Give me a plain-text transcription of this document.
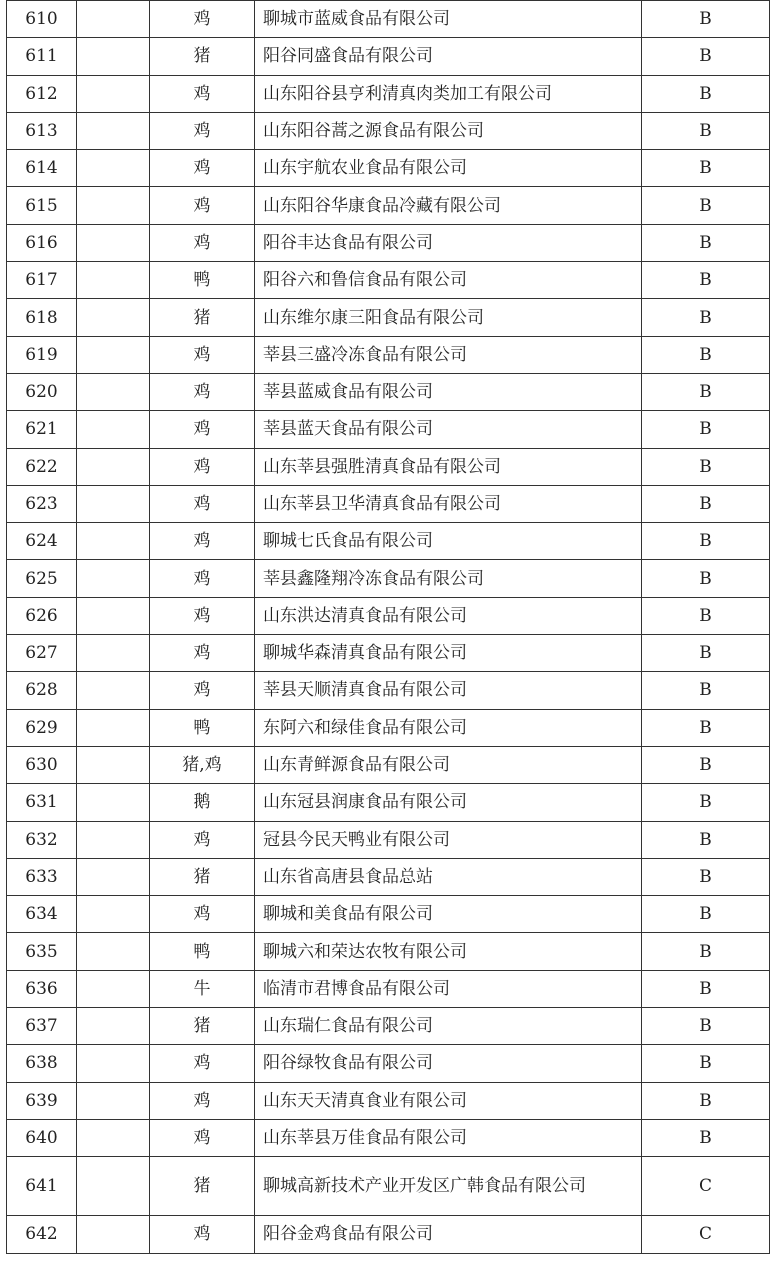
610		鸡	聊城市蓝威食品有限公司	B
611		猪	阳谷同盛食品有限公司	B
612		鸡	山东阳谷县亨利清真肉类加工有限公司	B
613		鸡	山东阳谷蒿之源食品有限公司	B
614		鸡	山东宇航农业食品有限公司	B
615		鸡	山东阳谷华康食品冷藏有限公司	B
616		鸡	阳谷丰达食品有限公司	B
617		鸭	阳谷六和鲁信食品有限公司	B
618		猪	山东维尔康三阳食品有限公司	B
619		鸡	莘县三盛冷冻食品有限公司	B
620		鸡	莘县蓝威食品有限公司	B
621		鸡	莘县蓝天食品有限公司	B
622		鸡	山东莘县强胜清真食品有限公司	B
623		鸡	山东莘县卫华清真食品有限公司	B
624		鸡	聊城七氏食品有限公司	B
625		鸡	莘县鑫隆翔冷冻食品有限公司	B
626		鸡	山东洪达清真食品有限公司	B
627		鸡	聊城华森清真食品有限公司	B
628		鸡	莘县天顺清真食品有限公司	B
629		鸭	东阿六和绿佳食品有限公司	B
630		猪,鸡	山东青鲜源食品有限公司	B
631		鹅	山东冠县润康食品有限公司	B
632		鸡	冠县今民天鸭业有限公司	B
633		猪	山东省高唐县食品总站	B
634		鸡	聊城和美食品有限公司	B
635		鸭	聊城六和荣达农牧有限公司	B
636		牛	临清市君博食品有限公司	B
637		猪	山东瑞仁食品有限公司	B
638		鸡	阳谷绿牧食品有限公司	B
639		鸡	山东天天清真食业有限公司	B
640		鸡	山东莘县万佳食品有限公司	B
641		猪	聊城高新技术产业开发区广韩食品有限公司	C
642		鸡	阳谷金鸡食品有限公司	C
